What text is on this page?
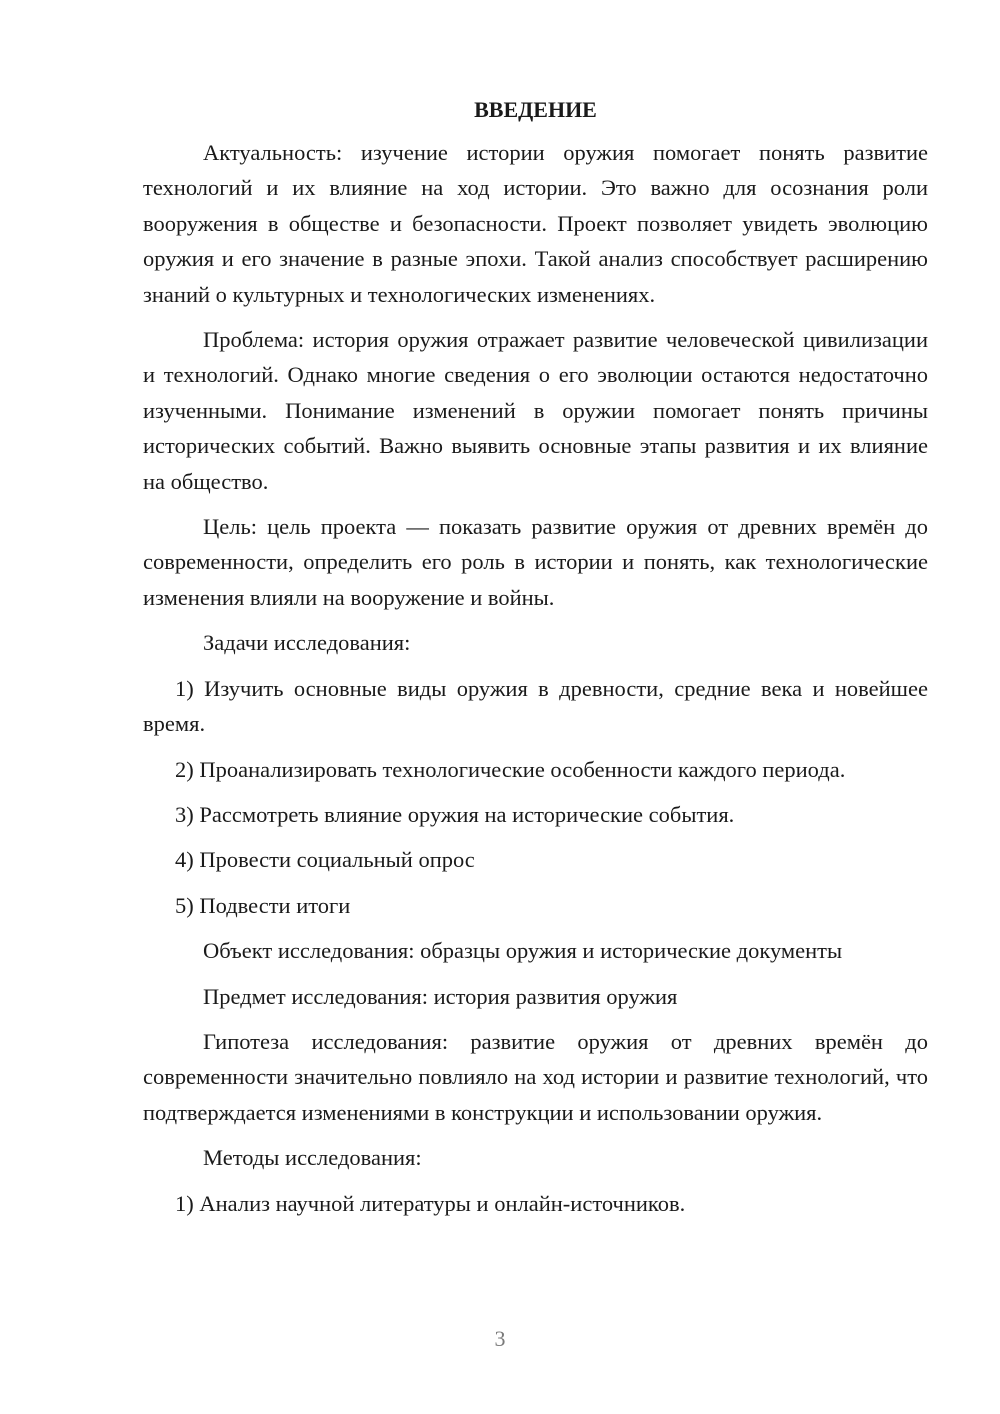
ВВЕДЕНИЕ

Актуальность: изучение истории оружия помогает понять развитие технологий и их влияние на ход истории. Это важно для осознания роли вооружения в обществе и безопасности. Проект позволяет увидеть эволюцию оружия и его значение в разные эпохи. Такой анализ способствует расширению знаний о культурных и технологических изменениях.

Проблема: история оружия отражает развитие человеческой цивилизации и технологий. Однако многие сведения о его эволюции остаются недостаточно изученными. Понимание изменений в оружии помогает понять причины исторических событий. Важно выявить основные этапы развития и их влияние на общество.

Цель: цель проекта — показать развитие оружия от древних времён до современности, определить его роль в истории и понять, как технологические изменения влияли на вооружение и войны.

Задачи исследования:

1) Изучить основные виды оружия в древности, средние века и новейшее время.

2) Проанализировать технологические особенности каждого периода.

3) Рассмотреть влияние оружия на исторические события.

4) Провести социальный опрос

5) Подвести итоги

Объект исследования: образцы оружия и исторические документы

Предмет исследования: история развития оружия

Гипотеза исследования: развитие оружия от древних времён до современности значительно повлияло на ход истории и развитие технологий, что подтверждается изменениями в конструкции и использовании оружия.

Методы исследования:

1) Анализ научной литературы и онлайн-источников.

3
